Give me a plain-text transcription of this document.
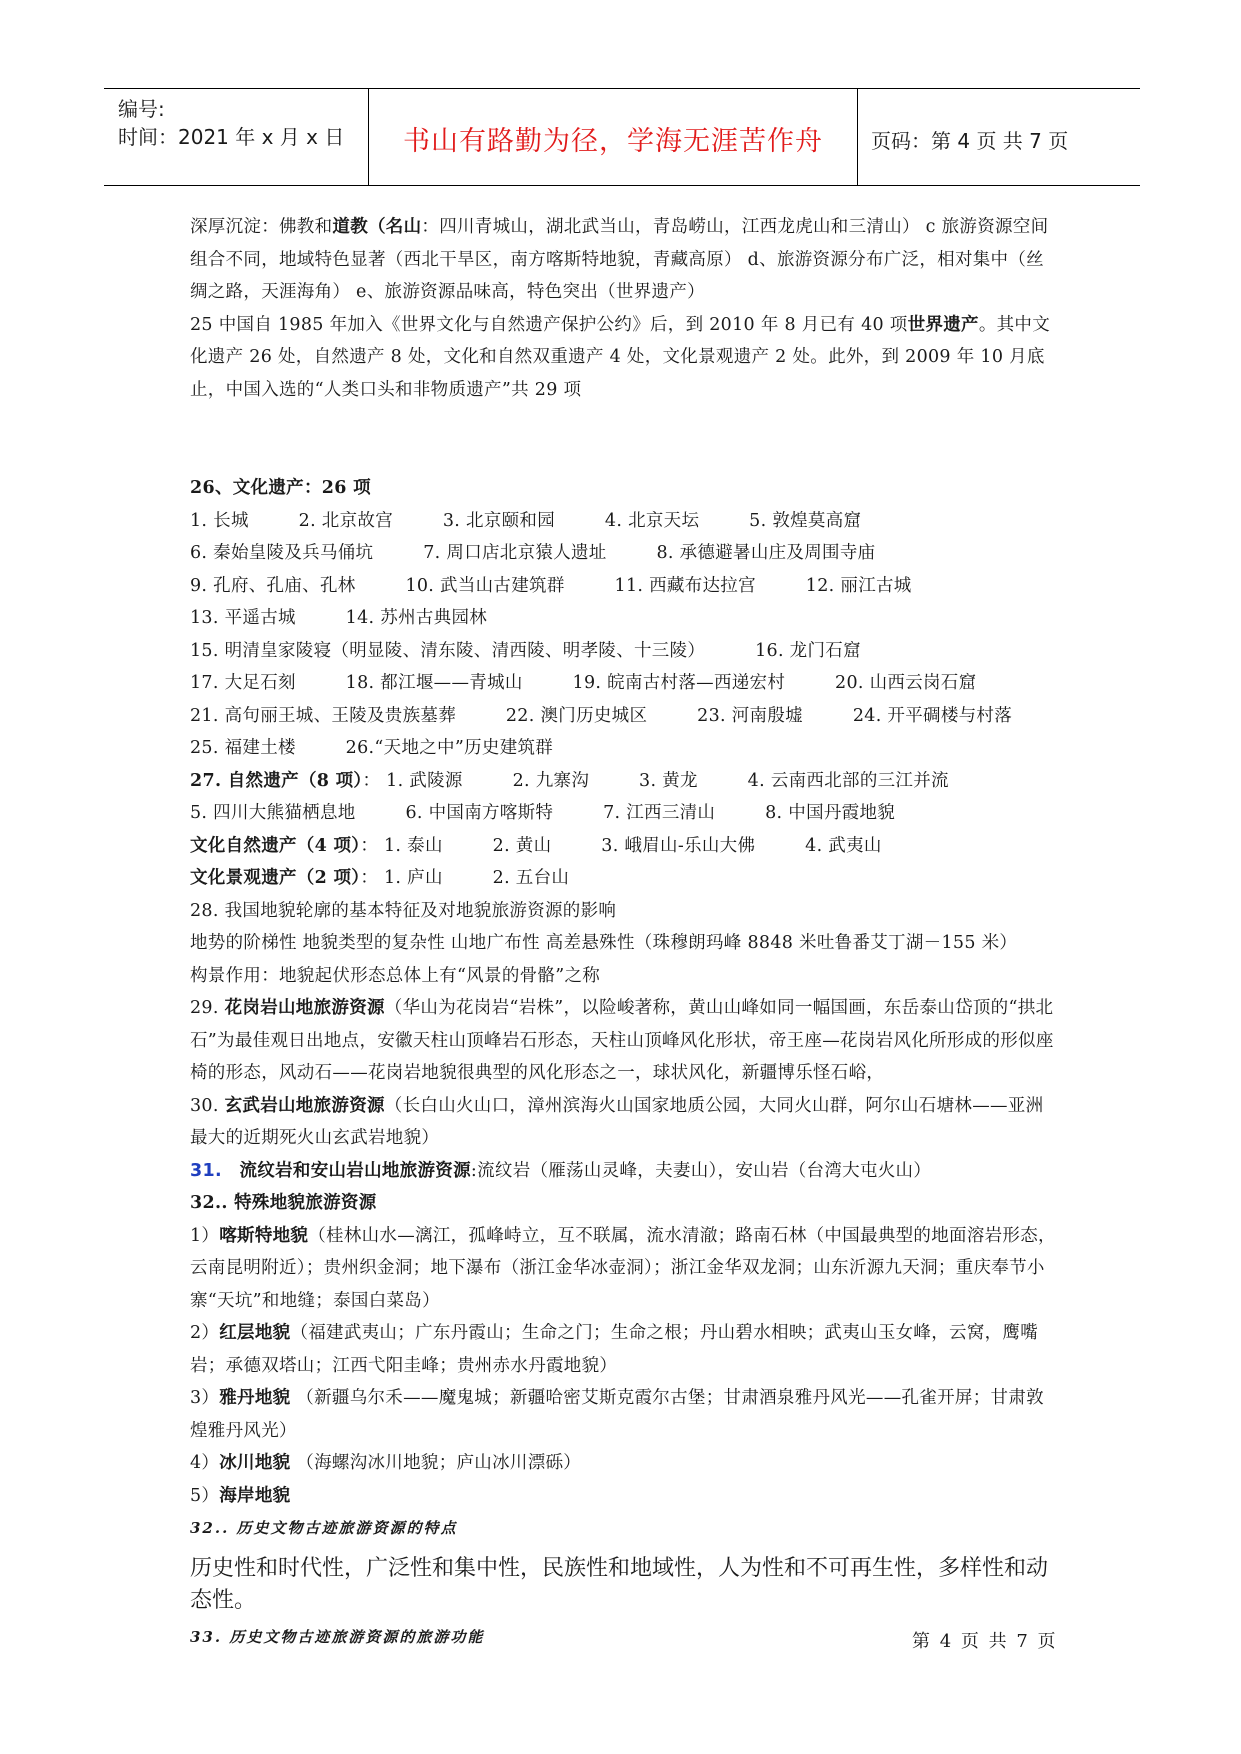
编号:
时间：2021 年 x 月 x 日	书山有路勤为径，学海无涯苦作舟	页码：第 4 页 共 7 页

深厚沉淀：佛教和道教（名山：四川青城山，湖北武当山，青岛崂山，江西龙虎山和三清山） c 旅游资源空间组合不同，地域特色显著（西北干旱区，南方喀斯特地貌，青藏高原） d、旅游资源分布广泛，相对集中（丝绸之路，天涯海角） e、旅游资源品味高，特色突出（世界遗产）

25 中国自 1985 年加入《世界文化与自然遗产保护公约》后，到 2010 年 8 月已有 40 项世界遗产。其中文化遗产 26 处，自然遗产 8 处，文化和自然双重遗产 4 处，文化景观遗产 2 处。此外，到 2009 年 10 月底止，中国入选的“人类口头和非物质遗产”共 29 项

26、文化遗产：26 项

1. 长城	2. 北京故宫	3. 北京颐和园	4. 北京天坛	5. 敦煌莫高窟 6. 秦始皇陵及兵马俑坑	7. 周口店北京猿人遗址	8. 承德避暑山庄及周围寺庙 9. 孔府、孔庙、孔林	10. 武当山古建筑群	11. 西藏布达拉宫	12. 丽江古城 13. 平遥古城	14. 苏州古典园林 15. 明清皇家陵寝（明显陵、清东陵、清西陵、明孝陵、十三陵）	16. 龙门石窟 17. 大足石刻	18. 都江堰——青城山	19. 皖南古村落—西递宏村	20. 山西云岗石窟 21. 高句丽王城、王陵及贵族墓葬	22. 澳门历史城区	23. 河南殷墟	24. 开平碉楼与村落 25. 福建土楼	26.“天地之中”历史建筑群
27. 自然遗产（8 项）： 1. 武陵源	2. 九寨沟	3. 黄龙	4. 云南西北部的三江并流 5. 四川大熊猫栖息地	6. 中国南方喀斯特	7. 江西三清山	8. 中国丹霞地貌
文化自然遗产（4 项）： 1. 泰山	2. 黄山	3. 峨眉山-乐山大佛	4. 武夷山
文化景观遗产（2 项）： 1. 庐山	2. 五台山

28. 我国地貌轮廓的基本特征及对地貌旅游资源的影响

地势的阶梯性 地貌类型的复杂性 山地广布性 高差悬殊性（珠穆朗玛峰 8848 米吐鲁番艾丁湖－155 米）

构景作用：地貌起伏形态总体上有“风景的骨骼”之称

29. 花岗岩山地旅游资源（华山为花岗岩“岩株”，以险峻著称，黄山山峰如同一幅国画，东岳泰山岱顶的“拱北石”为最佳观日出地点，安徽天柱山顶峰岩石形态，天柱山顶峰风化形状，帝王座—花岗岩风化所形成的形似座椅的形态，风动石——花岗岩地貌很典型的风化形态之一，球状风化，新疆博乐怪石峪，

30. 玄武岩山地旅游资源（长白山火山口，漳州滨海火山国家地质公园，大同火山群，阿尔山石塘林——亚洲最大的近期死火山玄武岩地貌）

31. 流纹岩和安山岩山地旅游资源:流纹岩（雁荡山灵峰，夫妻山），安山岩（台湾大屯火山）

32.. 特殊地貌旅游资源

1）喀斯特地貌（桂林山水—漓江，孤峰峙立，互不联属，流水清澈；路南石林（中国最典型的地面溶岩形态，云南昆明附近）；贵州织金洞；地下瀑布（浙江金华冰壶洞）；浙江金华双龙洞；山东沂源九天洞；重庆奉节小寨“天坑”和地缝；泰国白菜岛）

2）红层地貌（福建武夷山；广东丹霞山；生命之门；生命之根；丹山碧水相映；武夷山玉女峰，云窝，鹰嘴岩；承德双塔山；江西弋阳圭峰；贵州赤水丹霞地貌）

3）雅丹地貌 （新疆乌尔禾——魔鬼城；新疆哈密艾斯克霞尔古堡；甘肃酒泉雅丹风光——孔雀开屏；甘肃敦煌雅丹风光）

4）冰川地貌 （海螺沟冰川地貌；庐山冰川漂砾）

5）海岸地貌

32.. 历史文物古迹旅游资源的特点

历史性和时代性，广泛性和集中性，民族性和地域性，人为性和不可再生性，多样性和动态性。

33. 历史文物古迹旅游资源的旅游功能	第 4 页 共 7 页
